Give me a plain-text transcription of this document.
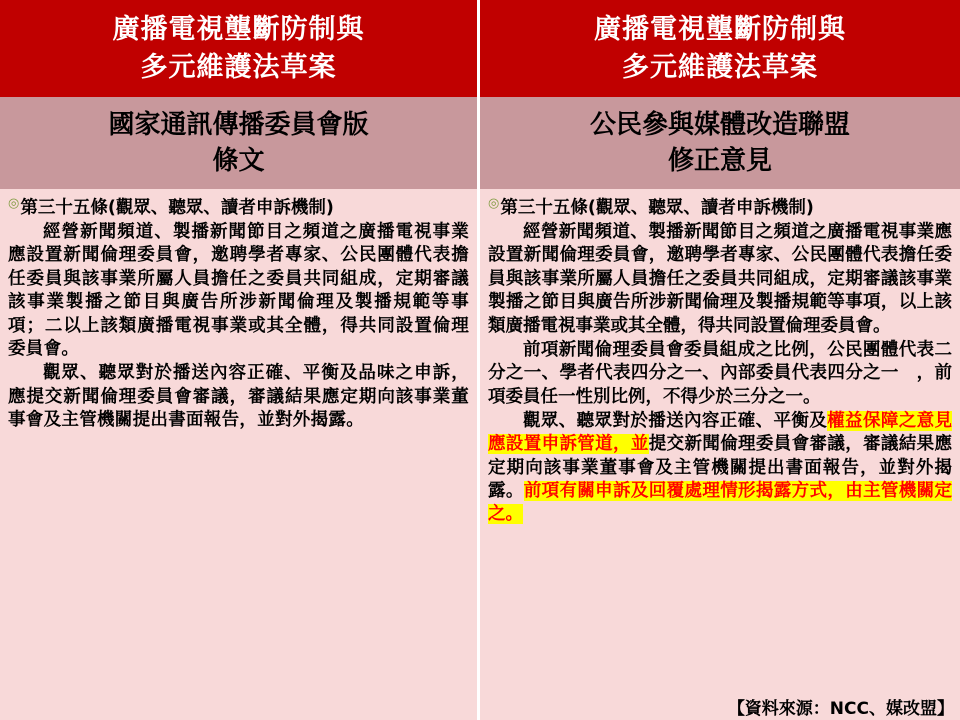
廣播電視壟斷防制與
多元維護法草案
廣播電視壟斷防制與
多元維護法草案
國家通訊傳播委員會版
條文
公民參與媒體改造聯盟
修正意見
◎第三十五條(觀眾、聽眾、讀者申訴機制)

經營新聞頻道、製播新聞節目之頻道之廣播電視事業應設置新聞倫理委員會，邀聘學者專家、公民團體代表擔任委員與該事業所屬人員擔任之委員共同組成，定期審議該事業製播之節目與廣告所涉新聞倫理及製播規範等事項；二以上該類廣播電視事業或其全體，得共同設置倫理委員會。

觀眾、聽眾對於播送內容正確、平衡及品味之申訴，應提交新聞倫理委員會審議，審議結果應定期向該事業董事會及主管機關提出書面報告，並對外揭露。

◎第三十五條(觀眾、聽眾、讀者申訴機制)

經營新聞頻道、製播新聞節目之頻道之廣播電視事業應設置新聞倫理委員會，邀聘學者專家、公民團體代表擔任委員與該事業所屬人員擔任之委員共同組成，定期審議該事業製播之節目與廣告所涉新聞倫理及製播規範等事項，以上該類廣播電視事業或其全體，得共同設置倫理委員會。

前項新聞倫理委員會委員組成之比例，公民團體代表二分之一、學者代表四分之一、內部委員代表四分之一　，前項委員任一性別比例，不得少於三分之一。

觀眾、聽眾對於播送內容正確、平衡及權益保障之意見應設置申訴管道，並提交新聞倫理委員會審議，審議結果應定期向該事業董事會及主管機關提出書面報告，並對外揭露。前項有關申訴及回覆處理情形揭露方式，由主管機關定之。

【資料來源：NCC、媒改盟】
